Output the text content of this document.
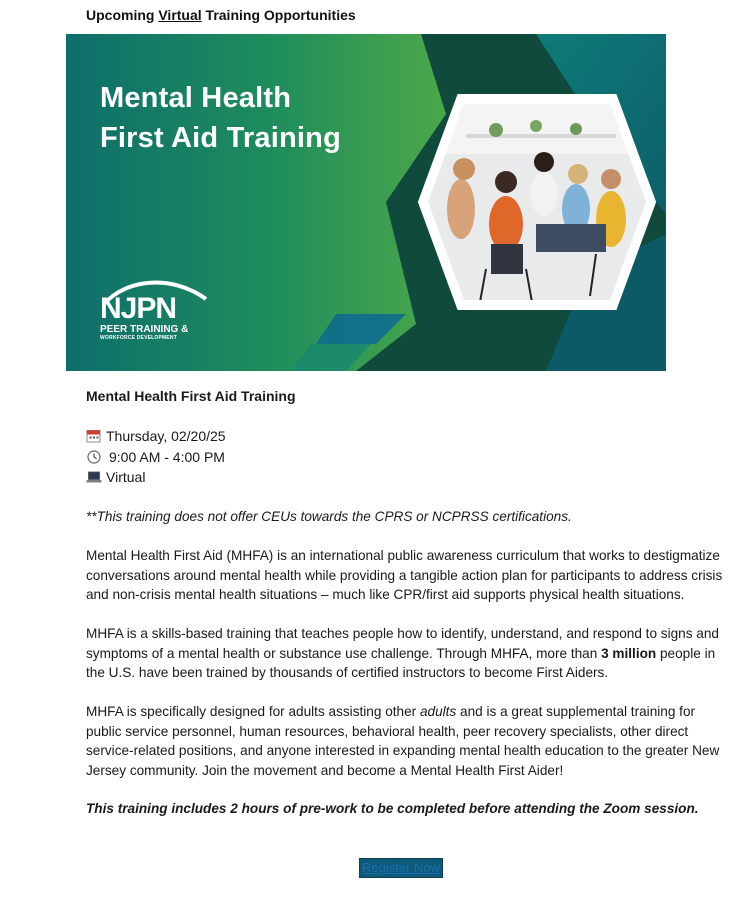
Upcoming Virtual Training Opportunities
Mental Health
First Aid Training
NJPN
PEER TRAINING &
WORKFORCE DEVELOPMENT
Mental Health First Aid Training
Thursday, 02/20/25
9:00 AM - 4:00 PM
Virtual
**This training does not offer CEUs towards the CPRS or NCPRSS certifications.
Mental Health First Aid (MHFA) is an international public awareness curriculum that works to destigmatize conversations around mental health while providing a tangible action plan for participants to address crisis and non-crisis mental health situations – much like CPR/first aid supports physical health situations.
MHFA is a skills-based training that teaches people how to identify, understand, and respond to signs and symptoms of a mental health or substance use challenge. Through MHFA, more than 3 million people in the U.S. have been trained by thousands of certified instructors to become First Aiders.
MHFA is specifically designed for adults assisting other adults and is a great supplemental training for public service personnel, human resources, behavioral health, peer recovery specialists, other direct service-related positions, and anyone interested in expanding mental health education to the greater New Jersey community. Join the movement and become a Mental Health First Aider!
This training includes 2 hours of pre-work to be completed before attending the Zoom session.
Register Now
